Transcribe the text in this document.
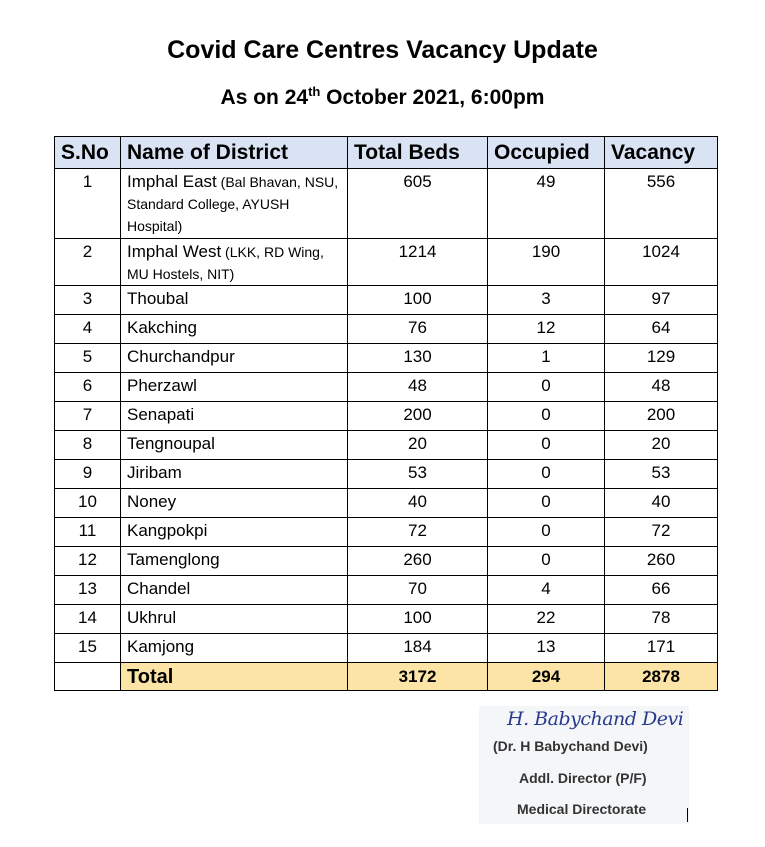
Covid Care Centres Vacancy Update
As on 24th October 2021, 6:00pm
S.No	Name of District	Total Beds	Occupied	Vacancy
1	Imphal East (Bal Bhavan, NSU, Standard College, AYUSH Hospital)	605	49	556
2	Imphal West (LKK, RD Wing, MU Hostels, NIT)	1214	190	1024
3	Thoubal	100	3	97
4	Kakching	76	12	64
5	Churchandpur	130	1	129
6	Pherzawl	48	0	48
7	Senapati	200	0	200
8	Tengnoupal	20	0	20
9	Jiribam	53	0	53
10	Noney	40	0	40
11	Kangpokpi	72	0	72
12	Tamenglong	260	0	260
13	Chandel	70	4	66
14	Ukhrul	100	22	78
15	Kamjong	184	13	171
	Total	3172	294	2878
H. Babychand Devi
(Dr. H Babychand Devi)
Addl. Director (P/F)
Medical Directorate
